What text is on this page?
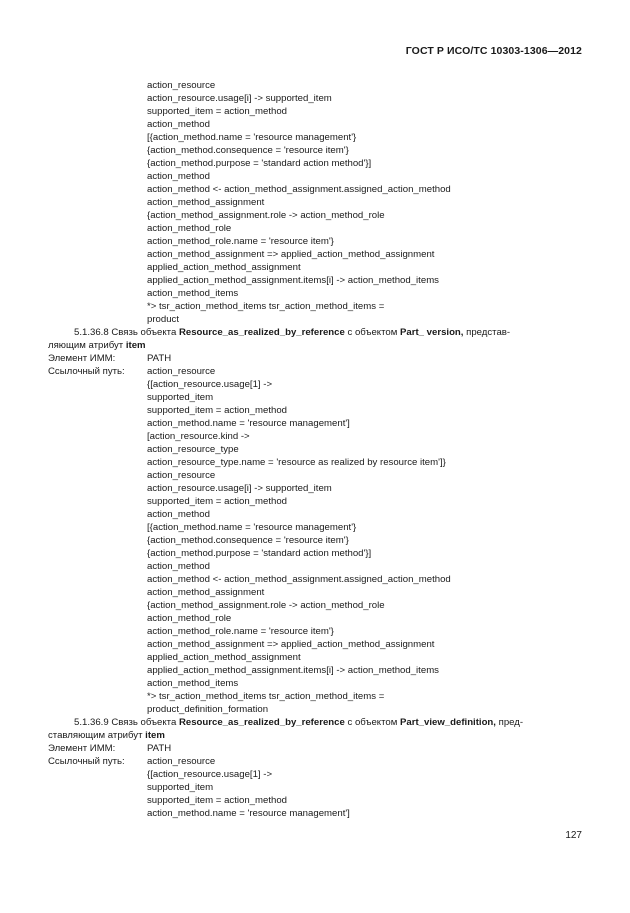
ГОСТ Р ИСО/ТС 10303-1306—2012
action_resource
action_resource.usage[i] -> supported_item
supported_item = action_method
action_method
[{action_method.name = 'resource management'}
{action_method.consequence = 'resource item'}
{action_method.purpose = 'standard action method'}]
action_method
action_method <- action_method_assignment.assigned_action_method
action_method_assignment
{action_method_assignment.role -> action_method_role
action_method_role
action_method_role.name = 'resource item'}
action_method_assignment => applied_action_method_assignment
applied_action_method_assignment
applied_action_method_assignment.items[i] -> action_method_items
action_method_items
*> tsr_action_method_items tsr_action_method_items =
product
5.1.36.8 Связь объекта Resource_as_realized_by_reference с объектом Part_ version, представ-
ляющим атрибут item
Элемент ИММ:	PATH
Ссылочный путь:	action_resource
{[action_resource.usage[1] ->
supported_item
supported_item = action_method
action_method.name = 'resource management']
[action_resource.kind ->
action_resource_type
action_resource_type.name = 'resource as realized by resource item']}
action_resource
action_resource.usage[i] -> supported_item
supported_item = action_method
action_method
[{action_method.name = 'resource management'}
{action_method.consequence = 'resource item'}
{action_method.purpose = 'standard action method'}]
action_method
action_method <- action_method_assignment.assigned_action_method
action_method_assignment
{action_method_assignment.role -> action_method_role
action_method_role
action_method_role.name = 'resource item'}
action_method_assignment => applied_action_method_assignment
applied_action_method_assignment
applied_action_method_assignment.items[i] -> action_method_items
action_method_items
*> tsr_action_method_items tsr_action_method_items =
product_definition_formation
5.1.36.9 Связь объекта Resource_as_realized_by_reference с объектом Part_view_definition, пред-
ставляющим атрибут item
Элемент ИММ:	PATH
Ссылочный путь:	action_resource
{[action_resource.usage[1] ->
supported_item
supported_item = action_method
action_method.name = 'resource management']
127
